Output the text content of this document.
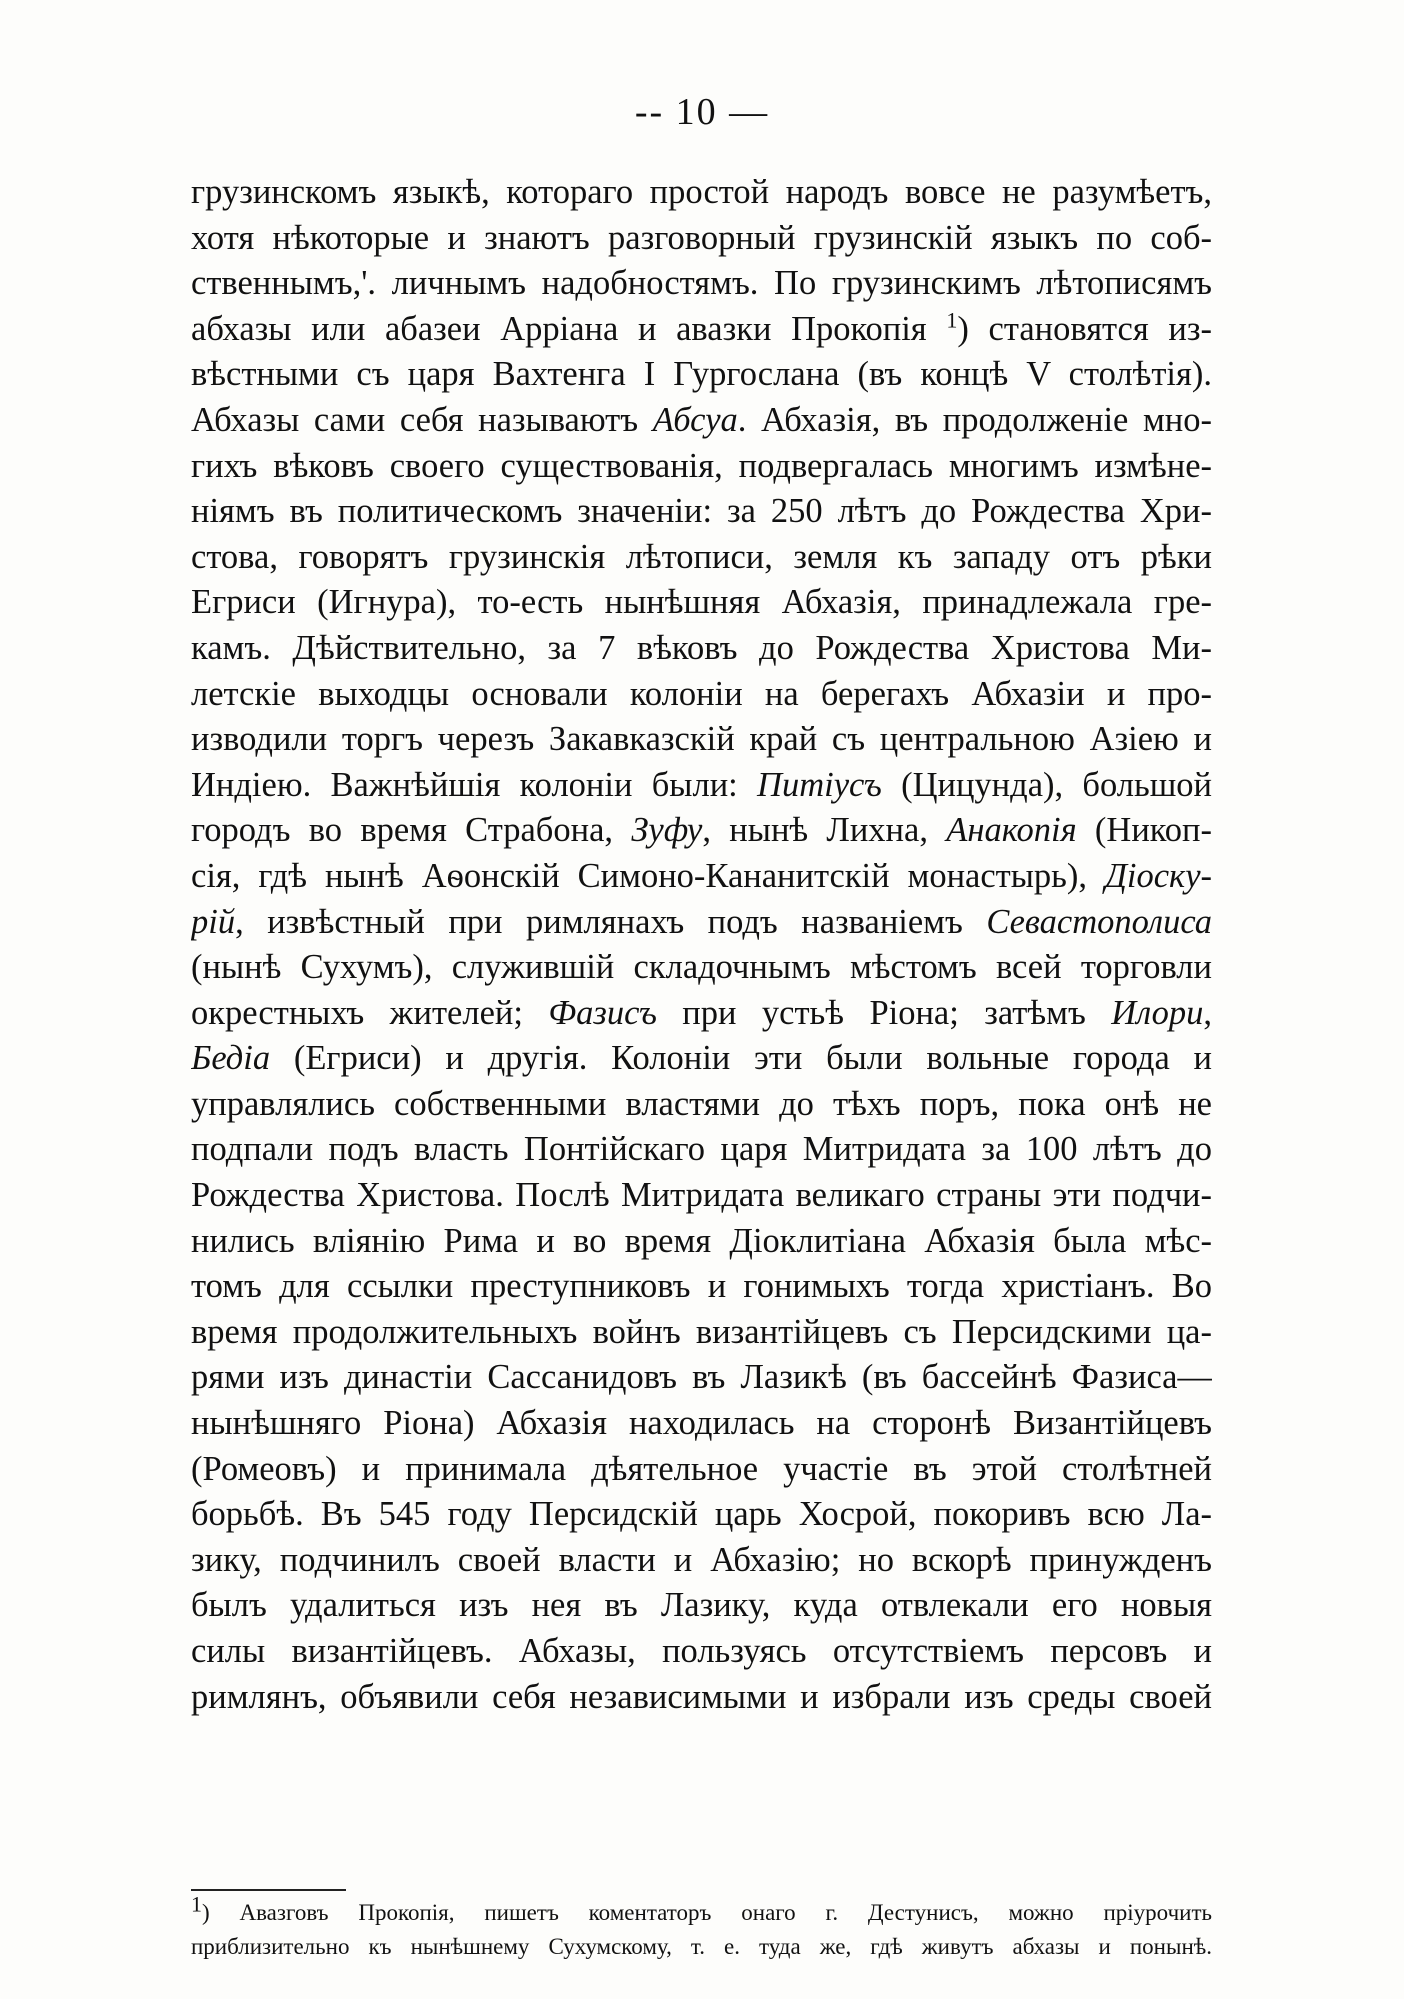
-- 10 —
грузинскомъ языкѣ, котораго простой народъ вовсе не разумѣетъ,
хотя нѣкоторые и знаютъ разговорный грузинскій языкъ по соб-
ственнымъ,'. личнымъ надобностямъ. По грузинскимъ лѣтописямъ
абхазы или абазеи Арріана и авазки Прокопія $^1$) становятся из-
вѣстными съ царя Вахтенга I Гургослана (въ концѣ V столѣтія).
Абхазы сами себя называютъ Абсуа. Абхазія, въ продолженіе мно-
гихъ вѣковъ своего существованія, подвергалась многимъ измѣне-
ніямъ въ политическомъ значеніи: за 250 лѣтъ до Рождества Хри-
стова, говорятъ грузинскія лѣтописи, земля къ западу отъ рѣки
Егриси (Игнура), то-есть нынѣшняя Абхазія, принадлежала гре-
камъ. Дѣйствительно, за 7 вѣковъ до Рождества Христова Ми-
летскіе выходцы основали колоніи на берегахъ Абхазіи и про-
изводили торгъ черезъ Закавказскій край съ центральною Азіею и
Индіею. Важнѣйшія колоніи были: Питіусъ (Цицунда), большой
городъ во время Страбона, Зуфу, нынѣ Лихна, Анакопія (Никоп-
сія, гдѣ нынѣ Аѳонскій Симоно-Кананитскій монастырь), Діоску-
рій, извѣстный при римлянахъ подъ названіемъ Севастополиса
(нынѣ Сухумъ), служившій складочнымъ мѣстомъ всей торговли
окрестныхъ жителей; Фазисъ при устьѣ Ріона; затѣмъ Илори,
Бедіа (Егриси) и другія. Колоніи эти были вольные города и
управлялись собственными властями до тѣхъ поръ, пока онѣ не
подпали подъ власть Понтійскаго царя Митридата за 100 лѣтъ до
Рождества Христова. Послѣ Митридата великаго страны эти подчи-
нились вліянію Рима и во время Діоклитіана Абхазія была мѣс-
томъ для ссылки преступниковъ и гонимыхъ тогда христіанъ. Во
время продолжительныхъ войнъ византійцевъ съ Персидскими ца-
рями изъ династіи Сассанидовъ въ Лазикѣ (въ бассейнѣ Фазиса—
нынѣшняго Ріона) Абхазія находилась на сторонѣ Византійцевъ
(Ромеовъ) и принимала дѣятельное участіе въ этой столѣтней
борьбѣ. Въ 545 году Персидскій царь Хосрой, покоривъ всю Ла-
зику, подчинилъ своей власти и Абхазію; но вскорѣ принужденъ
былъ удалиться изъ нея въ Лазику, куда отвлекали его новыя
силы византійцевъ. Абхазы, пользуясь отсутствіемъ персовъ и
римлянъ, объявили себя независимыми и избрали изъ среды своей
1) Авазговъ Прокопія, пишетъ коментаторъ онаго г. Дестунисъ, можно пріурочить
приблизительно къ нынѣшнему Сухумскому, т. е. туда же, гдѣ живутъ абхазы и понынѣ.
